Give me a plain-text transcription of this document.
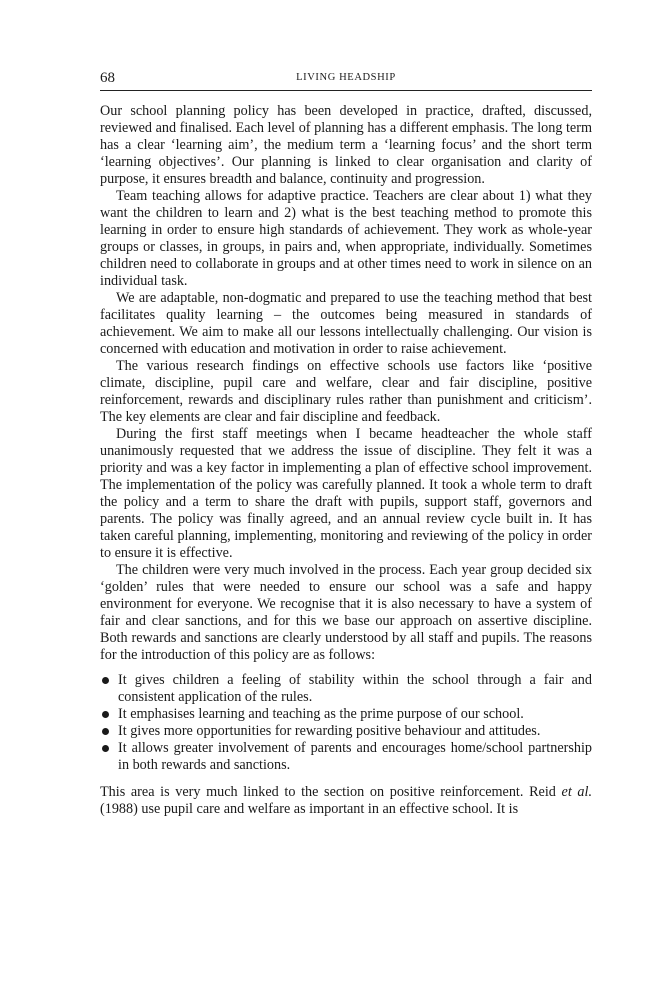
68	LIVING HEADSHIP

Our school planning policy has been developed in practice, drafted, discussed, reviewed and finalised. Each level of planning has a different emphasis. The long term has a clear ‘learning aim’, the medium term a ‘learning focus’ and the short term ‘learning objectives’. Our planning is linked to clear organisation and clarity of purpose, it ensures breadth and balance, continuity and progression.

Team teaching allows for adaptive practice. Teachers are clear about 1) what they want the children to learn and 2) what is the best teaching method to promote this learning in order to ensure high standards of achievement. They work as whole-year groups or classes, in groups, in pairs and, when appropriate, individually. Sometimes children need to collaborate in groups and at other times need to work in silence on an individual task.

We are adaptable, non-dogmatic and prepared to use the teaching method that best facilitates quality learning – the outcomes being measured in standards of achievement. We aim to make all our lessons intellectually challenging. Our vision is concerned with education and motivation in order to raise achievement.

The various research findings on effective schools use factors like ‘positive climate, discipline, pupil care and welfare, clear and fair discipline, positive reinforcement, rewards and disciplinary rules rather than punishment and criticism’. The key elements are clear and fair discipline and feedback.

During the first staff meetings when I became headteacher the whole staff unanimously requested that we address the issue of discipline. They felt it was a priority and was a key factor in implementing a plan of effective school improvement. The implementation of the policy was carefully planned. It took a whole term to draft the policy and a term to share the draft with pupils, support staff, governors and parents. The policy was finally agreed, and an annual review cycle built in. It has taken careful planning, implementing, monitoring and reviewing of the policy in order to ensure it is effective.

The children were very much involved in the process. Each year group decided six ‘golden’ rules that were needed to ensure our school was a safe and happy environment for everyone. We recognise that it is also necessary to have a system of fair and clear sanctions, and for this we base our approach on assertive discipline. Both rewards and sanctions are clearly understood by all staff and pupils. The reasons for the introduction of this policy are as follows:

It gives children a feeling of stability within the school through a fair and consistent application of the rules.
It emphasises learning and teaching as the prime purpose of our school.
It gives more opportunities for rewarding positive behaviour and attitudes.
It allows greater involvement of parents and encourages home/school partnership in both rewards and sanctions.

This area is very much linked to the section on positive reinforcement. Reid et al. (1988) use pupil care and welfare as important in an effective school. It is
